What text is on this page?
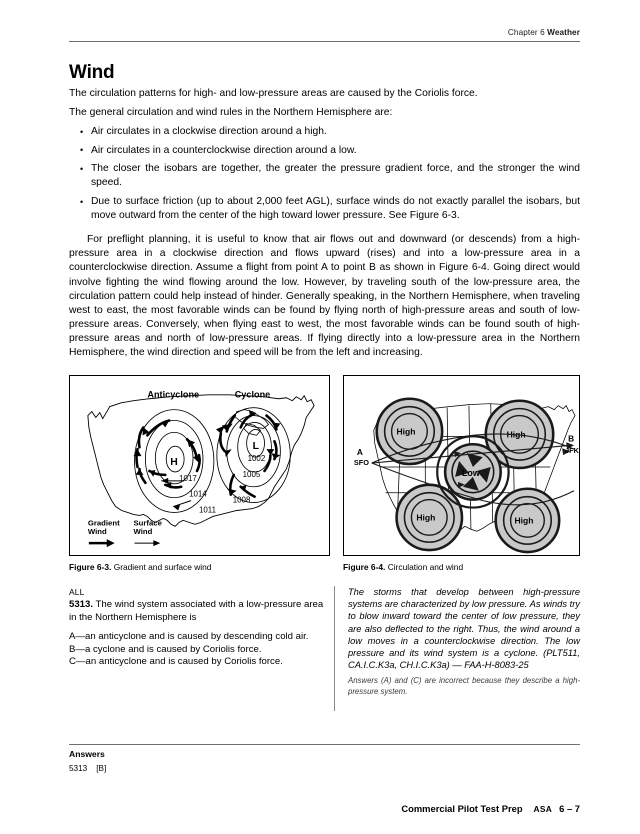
Chapter 6 Weather
Wind

The circulation patterns for high- and low-pressure areas are caused by the Coriolis force.

The general circulation and wind rules in the Northern Hemisphere are:

• Air circulates in a clockwise direction around a high.
• Air circulates in a counterclockwise direction around a low.
• The closer the isobars are together, the greater the pressure gradient force, and the stronger the wind speed.
• Due to surface friction (up to about 2,000 feet AGL), surface winds do not exactly parallel the isobars, but move outward from the center of the high toward lower pressure. See Figure 6-3.

For preflight planning, it is useful to know that air flows out and downward (or descends) from a high-pressure area in a clockwise direction and flows upward (rises) and into a low-pressure area in a counterclockwise direction. Assume a flight from point A to point B as shown in Figure 6-4. Going direct would involve fighting the wind flowing around the low. However, by traveling south of the low-pressure area, the circulation pattern could help instead of hinder. Generally speaking, in the Northern Hemisphere, when traveling west to east, the most favorable winds can be found by flying north of high-pressure areas and south of low-pressure areas. Conversely, when flying east to west, the most favorable winds can be found south of high-pressure areas and north of low-pressure areas. If flying directly into a low-pressure area in the Northern Hemisphere, the wind direction and speed will be from the left and increasing.

Anticyclone	Cyclone
H
L
1017
1014
1011
1002
1005
1008
Gradient
Wind
Surface
Wind
High	High
High	High
Low
A
SFO
B
JFK
Figure 6-3. Gradient and surface wind	Figure 6-4. Circulation and wind
ALL
5313. The wind system associated with a low-pressure area in the Northern Hemisphere is
A—an anticyclone and is caused by descending cold air.
B—a cyclone and is caused by Coriolis force.
C—an anticyclone and is caused by Coriolis force.
The storms that develop between high-pressure systems are characterized by low pressure. As winds try to blow inward toward the center of low pressure, they are also deflected to the right. Thus, the wind around a low moves in a counterclockwise direction. The low pressure and its wind system is a cyclone. (PLT511, CA.I.C.K3a, CH.I.C.K3a) — FAA-H-8083-25
Answers (A) and (C) are incorrect because they describe a high-pressure system.
Answers
5313 [B]
Commercial Pilot Test Prep ASA 6 – 7
